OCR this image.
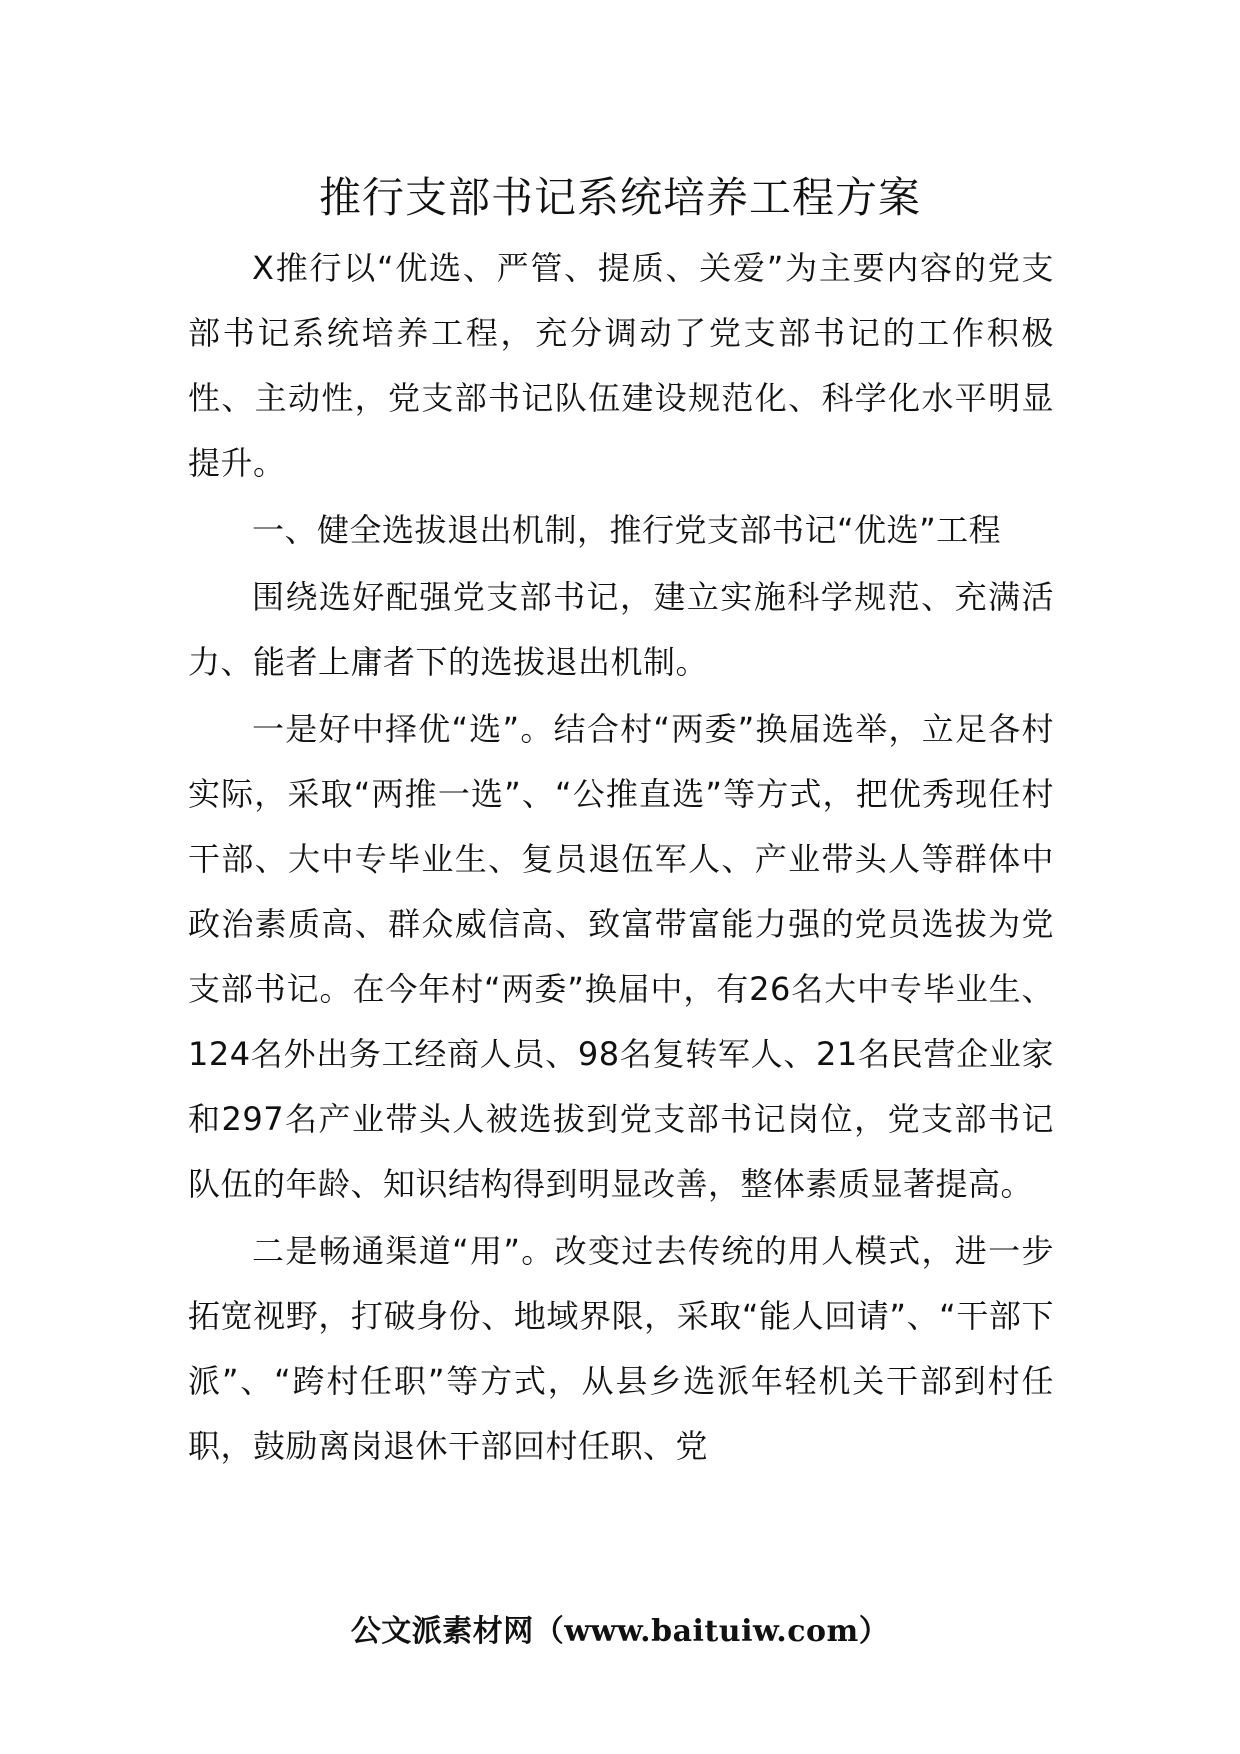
推行支部书记系统培养工程方案

X推行以“优选、严管、提质、关爱”为主要内容的党支部书记系统培养工程，充分调动了党支部书记的工作积极性、主动性，党支部书记队伍建设规范化、科学化水平明显提升。

一、健全选拔退出机制，推行党支部书记“优选”工程

围绕选好配强党支部书记，建立实施科学规范、充满活力、能者上庸者下的选拔退出机制。

一是好中择优“选”。结合村“两委”换届选举，立足各村实际，采取“两推一选”、“公推直选”等方式，把优秀现任村干部、大中专毕业生、复员退伍军人、产业带头人等群体中政治素质高、群众威信高、致富带富能力强的党员选拔为党支部书记。在今年村“两委”换届中，有26名大中专毕业生、124名外出务工经商人员、98名复转军人、21名民营企业家和297名产业带头人被选拔到党支部书记岗位，党支部书记队伍的年龄、知识结构得到明显改善，整体素质显著提高。

二是畅通渠道“用”。改变过去传统的用人模式，进一步拓宽视野，打破身份、地域界限，采取“能人回请”、“干部下派”、“跨村任职”等方式，从县乡选派年轻机关干部到村任职，鼓励离岗退休干部回村任职、党

公文派素材网（www.baituiw.com）
